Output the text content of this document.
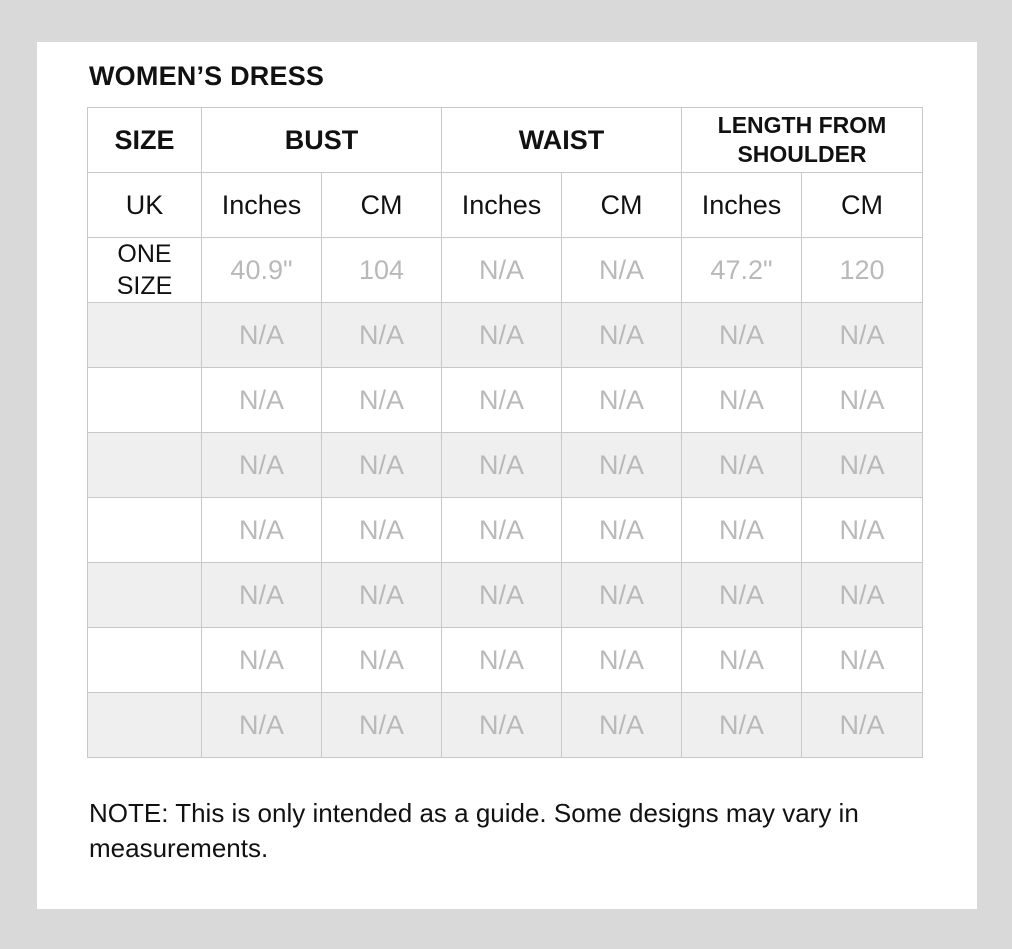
WOMEN’S DRESS
SIZE	BUST		WAIST		LENGTH FROM SHOULDER	

UK	Inches	CM	Inches	CM	Inches	CM

ONE SIZE	40.9"	104	N/A	N/A	47.2"	120
	N/A	N/A	N/A	N/A	N/A	N/A
	N/A	N/A	N/A	N/A	N/A	N/A
	N/A	N/A	N/A	N/A	N/A	N/A
	N/A	N/A	N/A	N/A	N/A	N/A
	N/A	N/A	N/A	N/A	N/A	N/A
	N/A	N/A	N/A	N/A	N/A	N/A
	N/A	N/A	N/A	N/A	N/A	N/A

NOTE: This is only intended as a guide. Some designs may vary in measurements.
